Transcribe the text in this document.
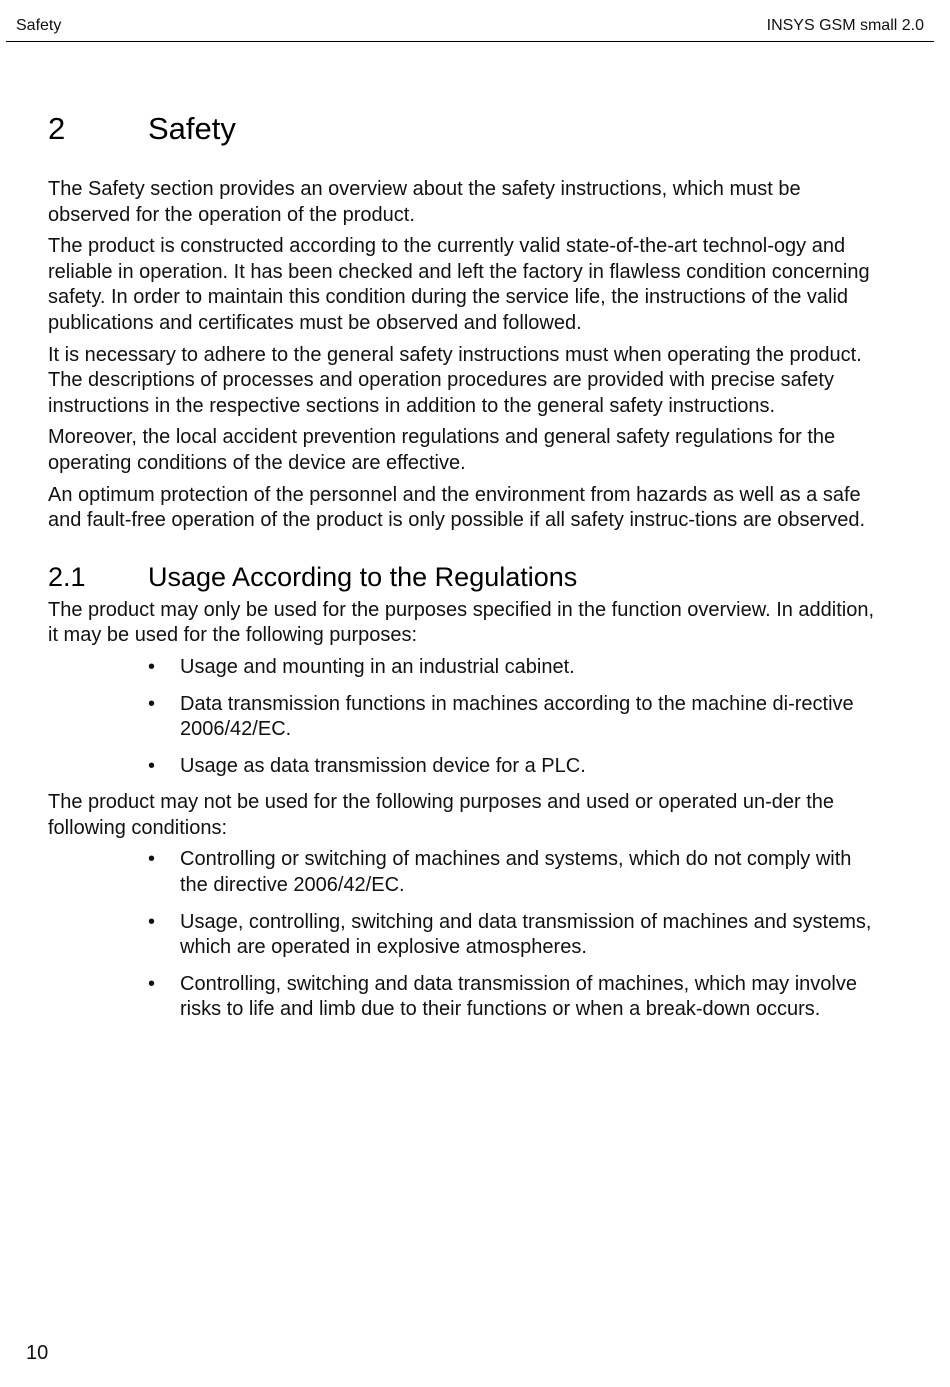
Safety	INSYS GSM small 2.0
2	Safety

The Safety section provides an overview about the safety instructions, which must be observed for the operation of the product.

The product is constructed according to the currently valid state-of-the-art technol-ogy and reliable in operation. It has been checked and left the factory in flawless condition concerning safety. In order to maintain this condition during the service life, the instructions of the valid publications and certificates must be observed and followed.

It is necessary to adhere to the general safety instructions must when operating the product. The descriptions of processes and operation procedures are provided with precise safety instructions in the respective sections in addition to the general safety instructions.

Moreover, the local accident prevention regulations and general safety regulations for the operating conditions of the device are effective.

An optimum protection of the personnel and the environment from hazards as well as a safe and fault-free operation of the product is only possible if all safety instruc-tions are observed.

2.1	Usage According to the Regulations

The product may only be used for the purposes specified in the function overview. In addition, it may be used for the following purposes:

• Usage and mounting in an industrial cabinet.
• Data transmission functions in machines according to the machine di-rective 2006/42/EC.
• Usage as data transmission device for a PLC.

The product may not be used for the following purposes and used or operated un-der the following conditions:

• Controlling or switching of machines and systems, which do not comply with the directive 2006/42/EC.
• Usage, controlling, switching and data transmission of machines and systems, which are operated in explosive atmospheres.
• Controlling, switching and data transmission of machines, which may involve risks to life and limb due to their functions or when a break-down occurs.
10
